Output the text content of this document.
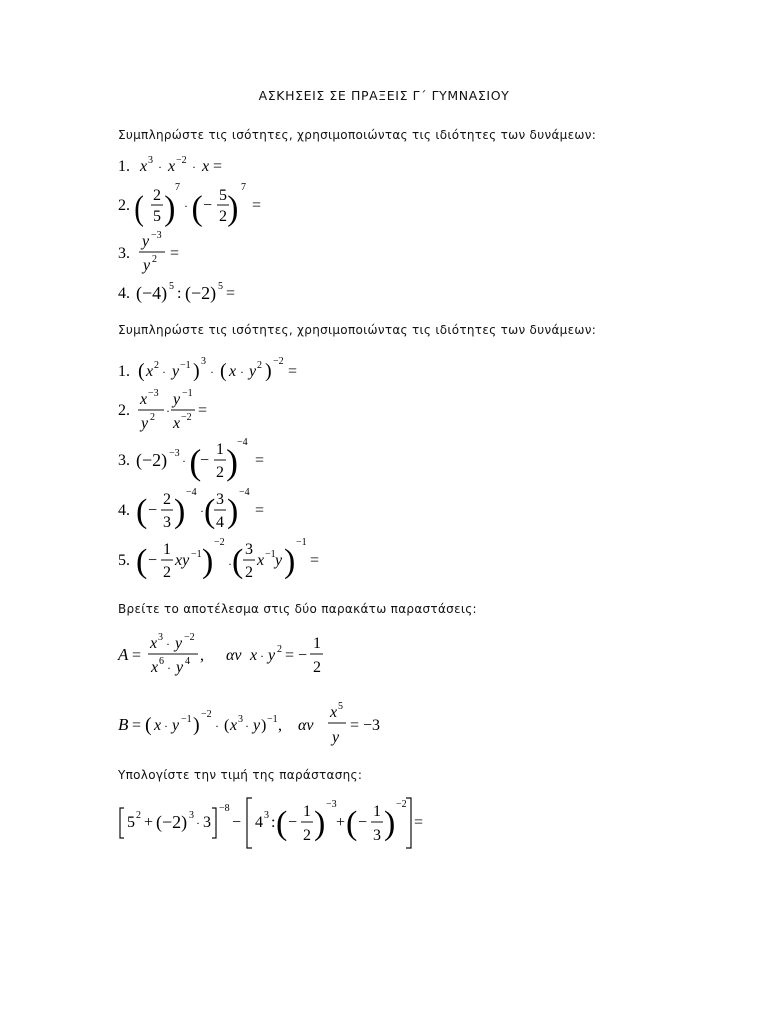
ΑΣΚΗΣΕΙΣ ΣΕ ΠΡΑΞΕΙΣ Γ΄ ΓΥΜΝΑΣΙΟΥ
Συμπληρώστε τις ισότητες, χρησιμοποιώντας τις ιδιότητες των δυνάμεων:
1. x 3 · x −2 · x =
2. ( 2
5 )
7
· ( −
5
2 )
7
=
3.
y −3
y 2 =
4. (−4) 5 : (−2) 5 =
Συμπληρώστε τις ισότητες, χρησιμοποιώντας τις ιδιότητες των δυνάμεων:
1. ( x 2 · y −1 ) 3
· ( x · y 2 ) −2
=
2.
x −3
y 2 ·
y −1
x −2 =
3. (−2) −3
· (
−
1
2 )
−4
=
4. ( −
2
3 )
−4
· ( 3
4 )
−4
=
5. ( −
1
2
xy −1 )
−2
· ( 3
2
x −1 y )
−1
=
Βρείτε το αποτέλεσμα στις δύο παρακάτω παραστάσεις:
A =
x 3 · y −2
x 6 · y 4 , αν x · y 2 = −
1
2
B = ( x · y −1 ) −2
· ( x 3 · y ) −1 , αν
x 5
y
= −3
Υπολογίστε την τιμή της παράστασης:
5 2 + (−2) 3
· 3
−8
− 4 3 : ( −
1
2 )
−3
+ ( −
1
3 )
−2
=
